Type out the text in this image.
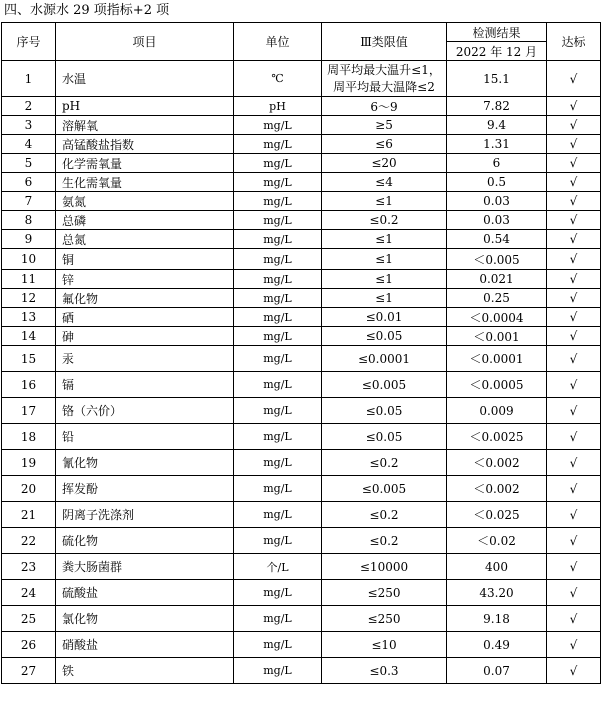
四、水源水 29 项指标+2 项
序号	项目	单位	Ⅲ类限值	检测结果	达标
				2022 年 12 月	
1	水温	℃	周平均最大温升≤1，周平均最大温降≤2	15.1	√
2	pH	pH	6～9	7.82	√
3	溶解氧	mg/L	≥5	9.4	√
4	高锰酸盐指数	mg/L	≤6	1.31	√
5	化学需氧量	mg/L	≤20	6	√
6	生化需氧量	mg/L	≤4	0.5	√
7	氨氮	mg/L	≤1	0.03	√
8	总磷	mg/L	≤0.2	0.03	√
9	总氮	mg/L	≤1	0.54	√
10	铜	mg/L	≤1	＜0.005	√
11	锌	mg/L	≤1	0.021	√
12	氟化物	mg/L	≤1	0.25	√
13	硒	mg/L	≤0.01	＜0.0004	√
14	砷	mg/L	≤0.05	＜0.001	√
15	汞	mg/L	≤0.0001	＜0.0001	√
16	镉	mg/L	≤0.005	＜0.0005	√
17	铬（六价）	mg/L	≤0.05	0.009	√
18	铅	mg/L	≤0.05	＜0.0025	√
19	氰化物	mg/L	≤0.2	＜0.002	√
20	挥发酚	mg/L	≤0.005	＜0.002	√
21	阴离子洗涤剂	mg/L	≤0.2	＜0.025	√
22	硫化物	mg/L	≤0.2	＜0.02	√
23	粪大肠菌群	个/L	≤10000	400	√
24	硫酸盐	mg/L	≤250	43.20	√
25	氯化物	mg/L	≤250	9.18	√
26	硝酸盐	mg/L	≤10	0.49	√
27	铁	mg/L	≤0.3	0.07	√
